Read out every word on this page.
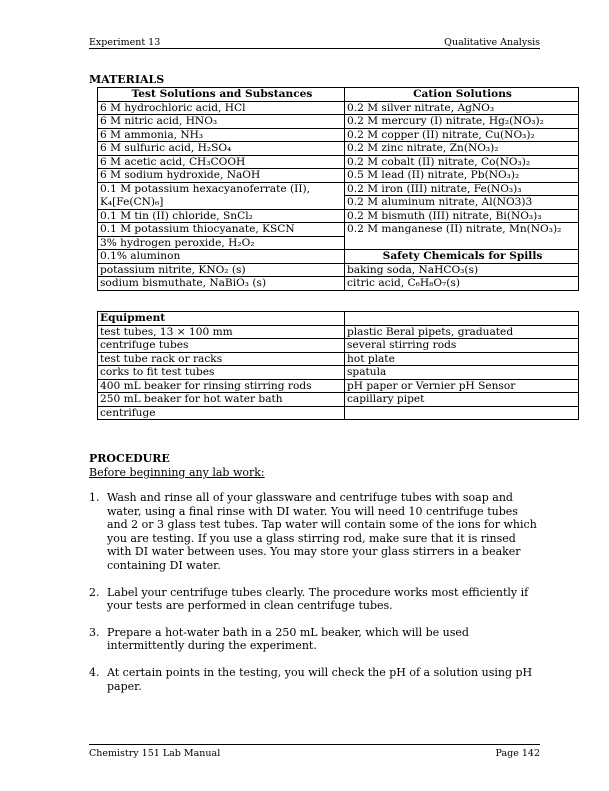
Experiment 13	Qualitative Analysis
MATERIALS
Test Solutions and Substances	Cation Solutions
6 M hydrochloric acid, HCl	0.2 M silver nitrate, AgNO₃
6 M nitric acid, HNO₃	0.2 M mercury (I) nitrate, Hg₂(NO₃)₂
6 M ammonia, NH₃	0.2 M copper (II) nitrate, Cu(NO₃)₂
6 M sulfuric acid, H₂SO₄	0.2 M zinc nitrate, Zn(NO₃)₂
6 M acetic acid, CH₃COOH	0.2 M cobalt (II) nitrate, Co(NO₃)₂
6 M sodium hydroxide, NaOH	0.5 M lead (II) nitrate, Pb(NO₃)₂
0.1 M potassium hexacyanoferrate (II),	0.2 M iron (III) nitrate, Fe(NO₃)₃
K₄[Fe(CN)₆]	0.2 M aluminum nitrate, Al(NO3)3
0.1 M tin (II) chloride, SnCl₂	0.2 M bismuth (III) nitrate, Bi(NO₃)₃
0.1 M potassium thiocyanate, KSCN	0.2 M manganese (II) nitrate, Mn(NO₃)₂
3% hydrogen peroxide, H₂O₂	
0.1% aluminon	Safety Chemicals for Spills
potassium nitrite, KNO₂ (s)	baking soda, NaHCO₃(s)
sodium bismuthate, NaBiO₃ (s)	citric acid, C₆H₈O₇(s)
Equipment	
test tubes, 13 × 100 mm	plastic Beral pipets, graduated
centrifuge tubes	several stirring rods
test tube rack or racks	hot plate
corks to fit test tubes	spatula
400 mL beaker for rinsing stirring rods	pH paper or Vernier pH Sensor
250 mL beaker for hot water bath	capillary pipet
centrifuge	
PROCEDURE
Before beginning any lab work:
1. Wash and rinse all of your glassware and centrifuge tubes with soap and water, using a final rinse with DI water. You will need 10 centrifuge tubes and 2 or 3 glass test tubes. Tap water will contain some of the ions for which you are testing. If you use a glass stirring rod, make sure that it is rinsed with DI water between uses. You may store your glass stirrers in a beaker containing DI water.
2. Label your centrifuge tubes clearly. The procedure works most efficiently if your tests are performed in clean centrifuge tubes.
3. Prepare a hot-water bath in a 250 mL beaker, which will be used intermittently during the experiment.
4. At certain points in the testing, you will check the pH of a solution using pH paper.
Chemistry 151 Lab Manual	Page 142
